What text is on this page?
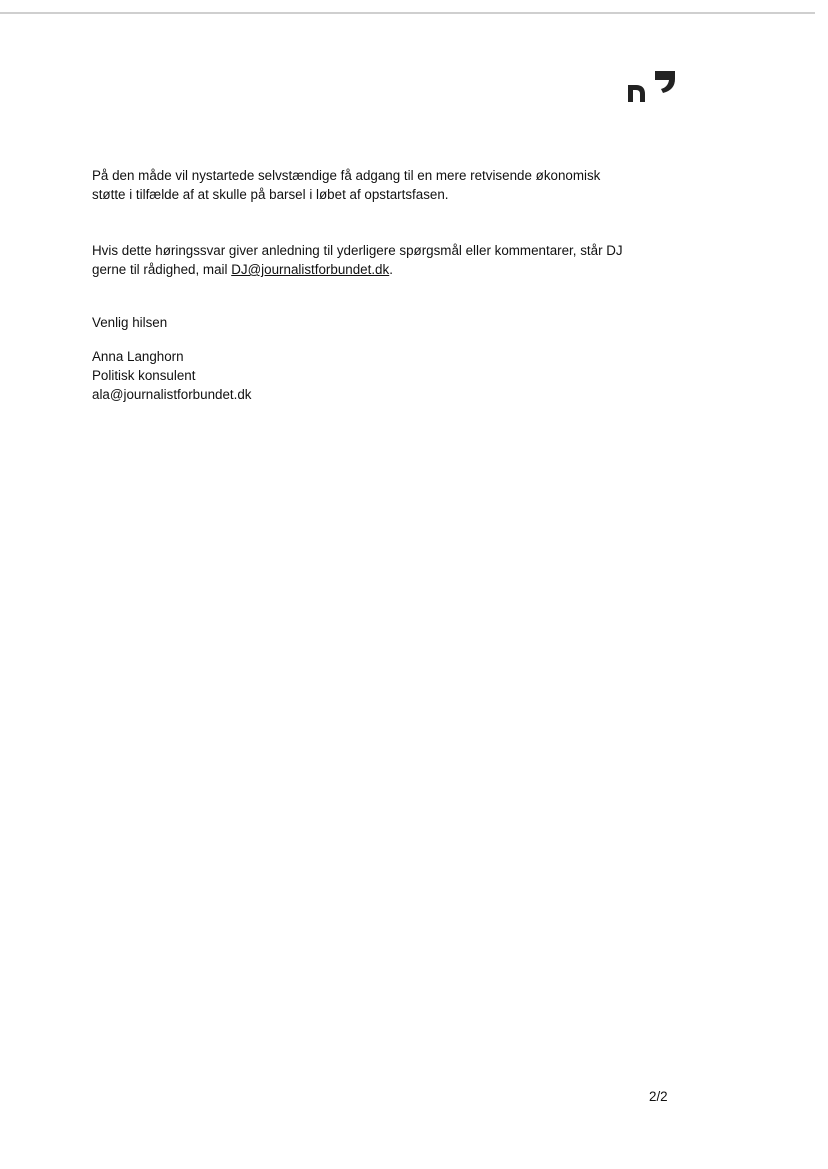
På den måde vil nystartede selvstændige få adgang til en mere retvisende økonomisk
støtte i tilfælde af at skulle på barsel i løbet af opstartsfasen.
Hvis dette høringssvar giver anledning til yderligere spørgsmål eller kommentarer, står DJ
gerne til rådighed, mail DJ@journalistforbundet.dk.
Venlig hilsen
Anna Langhorn
Politisk konsulent
ala@journalistforbundet.dk
2/2
